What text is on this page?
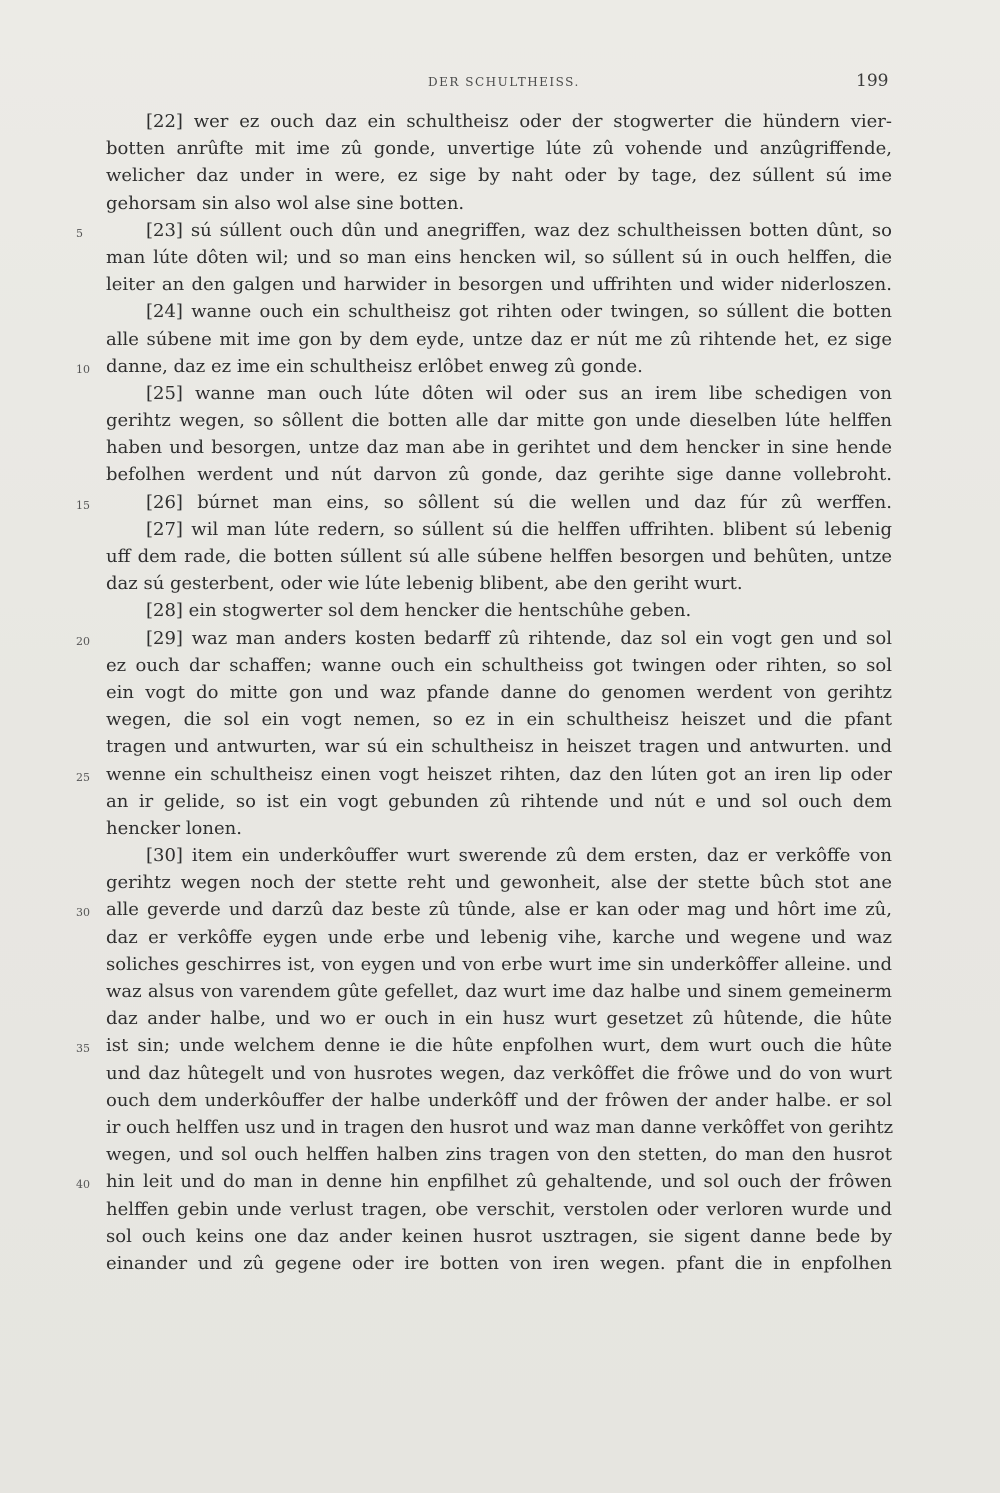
DER SCHULTHEISS.	199
[22] wer ez ouch daz ein schultheisz oder der stogwerter die hündern vier-
botten anrûfte mit ime zû gonde, unvertige lúte zû vohende und anzûgriffende,
welicher daz under in were, ez sige by naht oder by tage, dez súllent sú ime
gehorsam sin also wol alse sine botten.
5	[23] sú súllent ouch dûn und anegriffen, waz dez schultheissen botten dûnt, so
man lúte dôten wil; und so man eins hencken wil, so súllent sú in ouch helffen, die
leiter an den galgen und harwider in besorgen und uffrihten und wider niderloszen.
[24] wanne ouch ein schultheisz got rihten oder twingen, so súllent die botten
alle súbene mit ime gon by dem eyde, untze daz er nút me zû rihtende het, ez sige
10 danne, daz ez ime ein schultheisz erlôbet enweg zû gonde.
[25] wanne man ouch lúte dôten wil oder sus an irem libe schedigen von
gerihtz wegen, so sôllent die botten alle dar mitte gon unde dieselben lúte helffen
haben und besorgen, untze daz man abe in gerihtet und dem hencker in sine hende
befolhen werdent und nút darvon zû gonde, daz gerihte sige danne vollebroht.
15	[26] búrnet man eins, so sôllent sú die wellen und daz fúr zû werffen.
[27] wil man lúte redern, so súllent sú die helffen uffrihten. blibent sú lebenig
uff dem rade, die botten súllent sú alle súbene helffen besorgen und behûten, untze
daz sú gesterbent, oder wie lúte lebenig blibent, abe den geriht wurt.
[28] ein stogwerter sol dem hencker die hentschûhe geben.
20	[29] waz man anders kosten bedarff zû rihtende, daz sol ein vogt gen und sol
ez ouch dar schaffen; wanne ouch ein schultheiss got twingen oder rihten, so sol
ein vogt do mitte gon und waz pfande danne do genomen werdent von gerihtz
wegen, die sol ein vogt nemen, so ez in ein schultheisz heiszet und die pfant
tragen und antwurten, war sú ein schultheisz in heiszet tragen und antwurten. und
25 wenne ein schultheisz einen vogt heiszet rihten, daz den lúten got an iren lip oder
an ir gelide, so ist ein vogt gebunden zû rihtende und nút e und sol ouch dem
hencker lonen.
[30] item ein underkôuffer wurt swerende zû dem ersten, daz er verkôffe von
gerihtz wegen noch der stette reht und gewonheit, alse der stette bûch stot ane
30 alle geverde und darzû daz beste zû tûnde, alse er kan oder mag und hôrt ime zû,
daz er verkôffe eygen unde erbe und lebenig vihe, karche und wegene und waz
soliches geschirres ist, von eygen und von erbe wurt ime sin underkôffer alleine. und
waz alsus von varendem gûte gefellet, daz wurt ime daz halbe und sinem gemeinerm
daz ander halbe, und wo er ouch in ein husz wurt gesetzet zû hûtende, die hûte
35 ist sin; unde welchem denne ie die hûte enpfolhen wurt, dem wurt ouch die hûte
und daz hûtegelt und von husrotes wegen, daz verkôffet die frôwe und do von wurt
ouch dem underkôuffer der halbe underkôff und der frôwen der ander halbe. er sol
ir ouch helffen usz und in tragen den husrot und waz man danne verkôffet von gerihtz
wegen, und sol ouch helffen halben zins tragen von den stetten, do man den husrot
40 hin leit und do man in denne hin enpfilhet zû gehaltende, und sol ouch der frôwen
helffen gebin unde verlust tragen, obe verschit, verstolen oder verloren wurde und
sol ouch keins one daz ander keinen husrot usztragen, sie sigent danne bede by
einander und zû gegene oder ire botten von iren wegen. pfant die in enpfolhen
